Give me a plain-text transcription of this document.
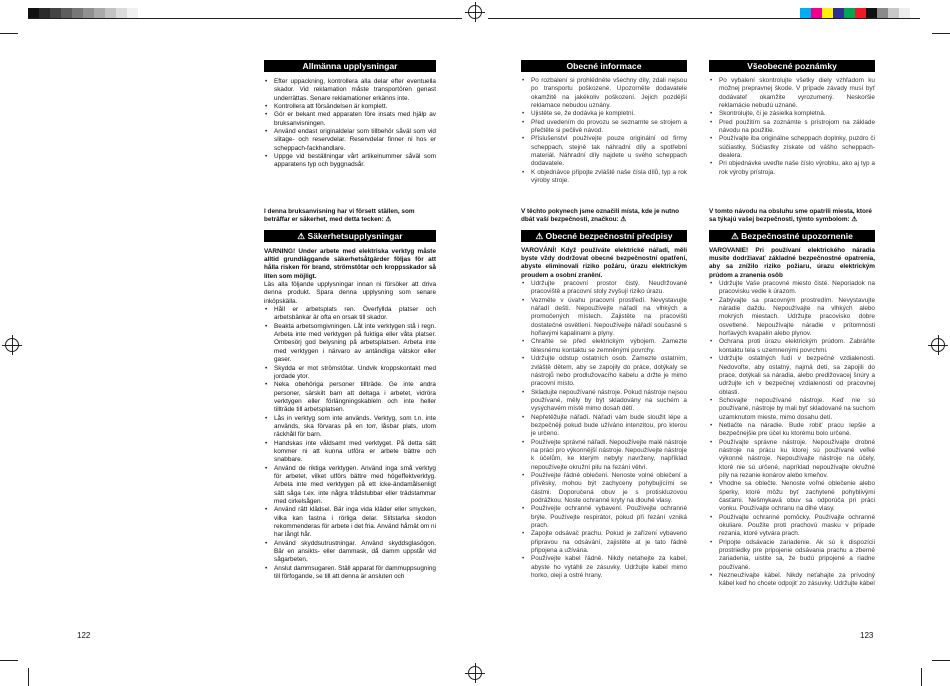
Allmänna upplysningar
• Efter uppackning, kontrollera alla delar efter eventuella skador. Vid reklamation måste transportören genast underrättas. Senare reklamationer erkänns inte.
• Kontrollera att försändelsen är komplett.
• Gör er bekant med apparaten före insats med hjälp av bruksanvisningen.
• Använd endast originaldelar som tillbehör såväl som vid slitage- och reservdelar. Reservdelar finner ni hos er scheppach-fackhandlare.
• Uppge vid beställningar vårt artikelnummer såväl som apparatens typ och byggnadsår.

I denna bruksanvisning har vi försett ställen, som beträffar er säkerhet, med detta tecken: ⚠

⚠ Säkerhetsupplysningar

VARNING! Under arbete med elektriska verktyg måste alltid grundläggande säkerhetsåtgärder följas för att hålla risken för brand, strömstötar och kroppsskador så liten som möjligt.

Läs alla följande upplysningar innan ni försöker att driva denna produkt. Spara denna upplysning som senare inköpskälla.

• Håll er arbetsplats ren. Överfyllda platser och arbetsbänkar är ofta en orsak till skador.
• Beakta arbetsomgivningen. Låt inte verktygen stå i regn. Arbeta inte med verktygen på fuktiga eller våta platser. Ombesörj god belysning på arbetsplatsen. Arbeta inte med verktygen i närvaro av antändliga vätskor eller gaser.
• Skydda er mot strömstötar. Undvik kroppskontakt med jordade ytor.
• Neka obehöriga personer tillträde. Ge inte andra personer, särskilt barn att deltaga i arbetet, vidröra verktygen eller förlängningskableln och inte heller tillträde till arbetsplatsen.
• Lås in verktyg som inte används. Verktyg, som t.n. inte används, ska förvaras på en torr, låsbar plats, utom räckhåll för barn.
• Handskas inte våldsamt med verktyget. På detta sätt kommer ni att kunna utföra er arbete bättre och snabbare.
• Använd de riktiga verktygen. Använd inga små verktyg för arbetet, vilket utförs bättre med högeffektverktyg. Arbeta inte med verktygen på ett icke-ändamålsenligt sätt såga t.ex. inte några trådstubbar eller trädstammar med cirkelsågen.
• Använd rätt klädsel. Bär inga vida kläder eller smycken, vilka kan fastna i rörliga delar. Slitstarka skodon rekommenderas för arbete i det fria. Använd hårnät om ni har långt hår.
• Använd skyddsutrustningar. Använd skyddsglasögon. Bär en ansikts- eller dammask, då damm uppstår vid sågarbeten.
• Anslut dammsugaren. Ställ apparat för dammuppsugning till förfogande, se till att denna är ansluten och
Obecné informace
• Po rozbalení si prohlédněte všechny díly, zdali nejsou po transportu poškozené. Upozorněte dodavatele okamžitě na jakékoliv poškození. Jejich pozdější reklamace nebudou uznány.
• Ujistěte se, že dodávka je kompletní.
• Před uvedením do provozu se seznamte se strojem a přečtěte si pečlivě návod.
• Příslušenství používejte pouze originální od firmy scheppach, stejně tak náhradní díly a spotřební materiál. Náhradní díly najdete u svého scheppach dodavatele.
• K objednávce připojte zvláště naše čísla dílů, typ a rok výroby stroje.

V těchto pokynech jsme označili místa, kde je nutno dbát vaší bezpečnosti, značkou: ⚠

⚠ Obecné bezpečnostní předpisy

VAROVÁNÍ! Když používáte elektrické nářadí, měli byste vždy dodržovat obecné bezpečnostní opatření, abyste eliminovali riziko požáru, úrazu elektrickým proudem a osobní zranění.

• Udržujte pracovní prostor čistý. Neuďržované pracoviště a pracovní stoly zvyšují riziko úrazu.
• Vezměte v úvahu pracovní prostředí. Nevystavujte nářadí dešti. Nepoužívejte nářadí na vlhkých a promočených místech. Zajistěte na pracovišti dostatečné osvětlení. Nepoužívejte nářadí současně s hořlavými kapalinami a plyny.
• Chraňte se před elektrickým výbojem. Zamezte tělesnému kontaktu se zemněnými povrchy.
• Udržujte odstup ostatních osob. Zamezte ostatním, zvláště dětem, aby se zapojily do práce, dotýkaly se nástrojů nebo prodlužovacího kabelu a držte je mimo pracovní místo.
• Skladujte nepoužívané nástroje. Pokud nástroje nejsou používané, měly by být skladovány na suchém a vysýchavém místě mimo dosah dětí.
• Nepřetěžujte nářadí. Nářadí vám bude sloužit lépe a bezpečněji pokud bude užíváno intenzitou, pro kterou je určeno.
• Používejte správné nářadí. Nepoužívejte malé nástroje na práci pro výkonnější nástroje. Nepoužívejte nástroje k účelům, ke kterým nebyly navrženy, například nepoužívejte okružní pilu na řezání větví.
• Používejte řádné oblečení. Nenoste volné oblečení a přívěsky, mohou být zachyceny pohybujícími se částmi. Doporučená obuv je s protiskluzovou podrážkou. Noste ochranné kryty na dlouhé vlasy.
• Používejte ochranné vybavení. Používejte ochranné brýle. Používejte respirátor, pokud při řezání vzniká prach.
• Zapojte odsávač prachu. Pokud je zařízení vybaveno připravou na odsávání, zajistěte at je tato řádně připojena a užívána.
• Používejte kabel řádně. Nikdy netahejte za kabel, abyste ho vytáhli ze zásuvky. Udržujte kabel mimo horko, oleji a ostré hrany.
Všeobecné poznámky
• Po vybalení skontrolujte všetky diely vzhľadom ku možnej prepravnej škode. V prípade závady musí byť dodávateľ okamžite vyrozumený. Neskoršie reklamácie nebudú uznané.
• Skontrolujte, či je zásielka kompletná.
• Pred použitím sa zoznámte s prístrojom na základe návodu na použitie.
• Používajte iba originálne scheppach doplnky, puzdro či súčiastky. Súčiastky získate od vášho scheppach-dealera.
• Pri objednávke uveďte naše číslo výrobku, ako aj typ a rok výroby prístroja.

V tomto návodu na obsluhu sme opatrili miesta, ktoré sa týkajú vašej bezpečnosti, týmto symbolom: ⚠

⚠ Bezpečnostné upozornenie

VAROVANIE! Pri používaní elektrického náradia musíte dodržiavať základné bezpečnostné opatrenia, aby sa znížilo riziko požiaru, úrazu elektrickým prúdom a zranenia osôb

• Udržujte Vaše pracovné miesto čisté. Neporiadok na pracovisku vedie k úrazom.
• Zabývajte sa pracovným prostredím. Nevystavujte náradie daždu. Nepoužívajte na vlhkých alebo mokrých miestach. Udržujte pracovisko dobre osvetlené. Nepoužívajte náradie v prítomnosti horľavých kvapalín alebo plynov.
• Ochrana proti úrazu elektrickým prúdom. Zabráňte kontaktu tela s uzemnenými povrchmi.
• Udržujte ostatných ľudí v bezpečné vzdialenosti. Nedovoľte, aby ostatný, najmä deti, sa zapojili do prace, dotýkali sa náradia, alebo predlžovacej šnúry a udržujte ich v bezpečnej vzdialenosti od pracovnej oblasti.
• Schovajte nepoužívané nástroje. Keď nie sú používané, nástroje by mali byť skladované na suchom uzamknutom mieste, mimo dosahu detí.
• Netlačte na náradie. Bude robiť pracu lepšie a bezpečnejšie pre účel ku ktorému bolo určené.
• Používajte správne nástroje. Nepoužívajte drobné nástroje na prácu ku ktorej sú používané veľké výkonné nástroje. Nepoužívajte nástroje na účely, ktoré nie sú určené, napríklad nepoužívajte okružné píly na rezanie konárov alebo kmeňov.
• Vhodne sa oblečte. Nenoste voľné oblečenie alebo šperky, ktoré môžu byť zachytené pohyblivými časťami. Nešmykavá obuv sa odporúča pri práci vonku. Používajte ochranu na dlhé vlasy.
• Používajte ochranné pomôcky. Používajte ochranné okuliare. Použite proti prachovú masku v prípade rezania, ktoré vytvára prach.
• Pripojte odsávacie zariadenie. Ak sú k dispozícii prostriedky pre pripojenie odsávania prachu a zberné zariadenia, uistite sa, že budú pripojené a riadne používané.
• Nezneužívajte kábel. Nikdy neťahajte za prívodný kábel keď ho chcete odpojiť zo zásuvky. Udržujte kábel
122	123
